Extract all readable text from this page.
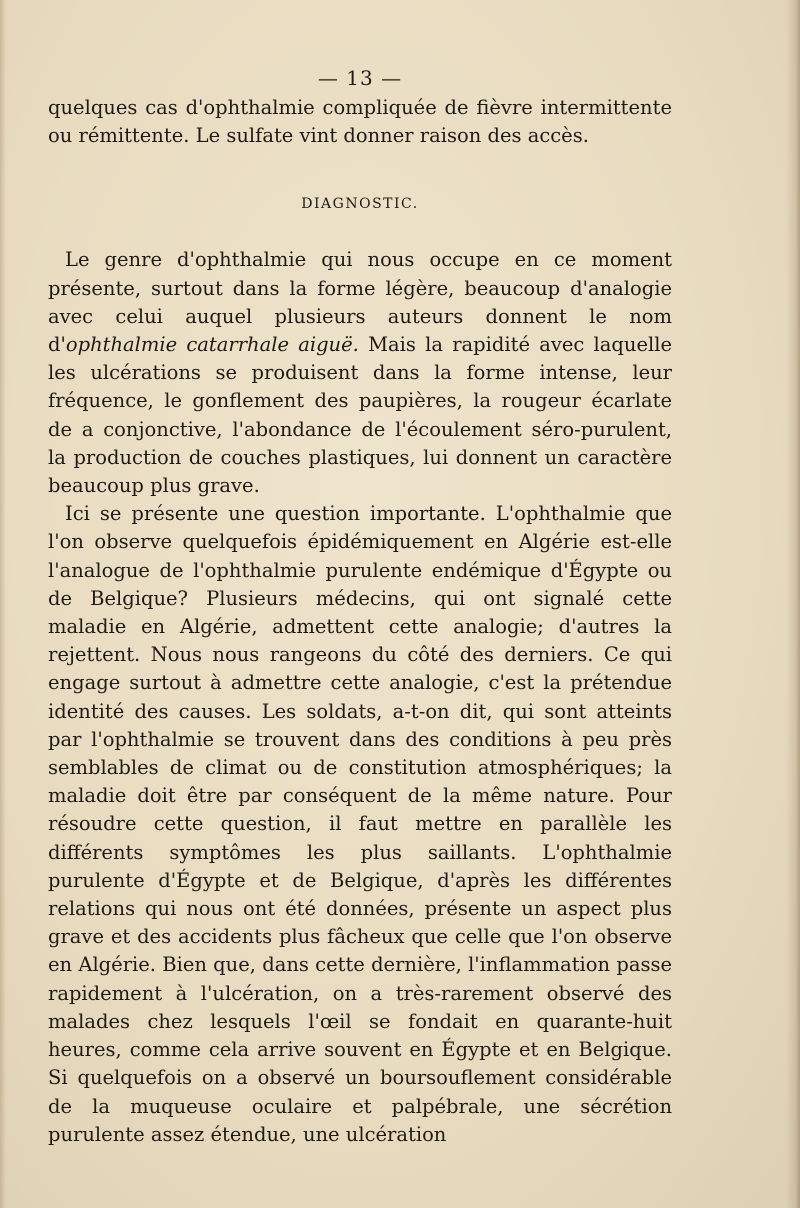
— 13 —

quelques cas d'ophthalmie compliquée de fièvre intermittente ou rémittente. Le sulfate vint donner raison des accès.

DIAGNOSTIC.

Le genre d'ophthalmie qui nous occupe en ce moment présente, surtout dans la forme légère, beaucoup d'analogie avec celui auquel plusieurs auteurs donnent le nom d'ophthalmie catarrhale aiguë. Mais la rapidité avec laquelle les ulcérations se produisent dans la forme intense, leur fréquence, le gonflement des paupières, la rougeur écarlate de a conjonctive, l'abondance de l'écoulement séro-purulent, la production de couches plastiques, lui donnent un caractère beaucoup plus grave.

Ici se présente une question importante. L'ophthalmie que l'on observe quelquefois épidémiquement en Algérie est-elle l'analogue de l'ophthalmie purulente endémique d'Égypte ou de Belgique? Plusieurs médecins, qui ont signalé cette maladie en Algérie, admettent cette analogie; d'autres la rejettent. Nous nous rangeons du côté des derniers. Ce qui engage surtout à admettre cette analogie, c'est la prétendue identité des causes. Les soldats, a-t-on dit, qui sont atteints par l'ophthalmie se trouvent dans des conditions à peu près semblables de climat ou de constitution atmosphériques; la maladie doit être par conséquent de la même nature. Pour résoudre cette question, il faut mettre en parallèle les différents symptômes les plus saillants. L'ophthalmie purulente d'Égypte et de Belgique, d'après les différentes relations qui nous ont été données, présente un aspect plus grave et des accidents plus fâcheux que celle que l'on observe en Algérie. Bien que, dans cette dernière, l'inflammation passe rapidement à l'ulcération, on a très-rarement observé des malades chez lesquels l'œil se fondait en quarante-huit heures, comme cela arrive souvent en Égypte et en Belgique. Si quelquefois on a observé un boursouflement considérable de la muqueuse oculaire et palpébrale, une sécrétion purulente assez étendue, une ulcération
